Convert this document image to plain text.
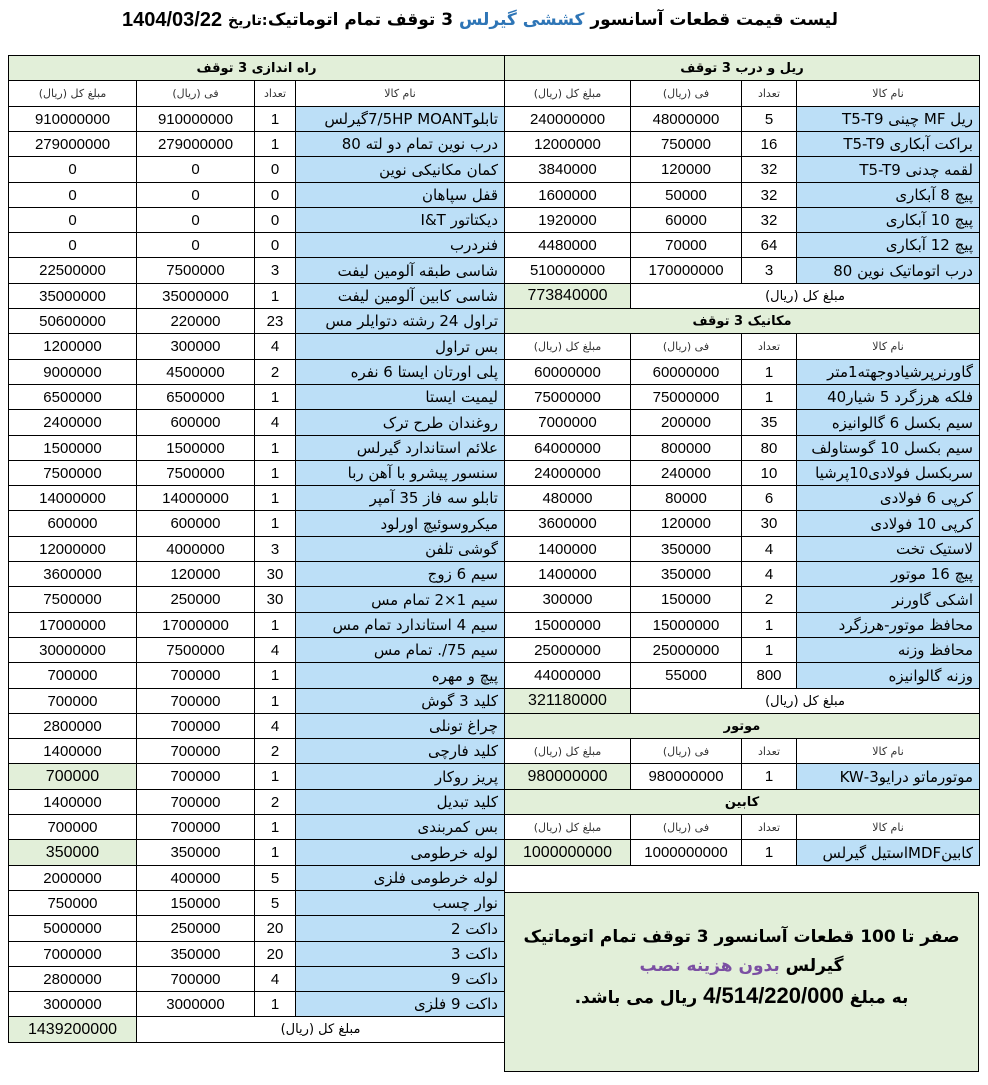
لیست قیمت قطعات آسانسور کششی گیرلس 3 توقف تمام اتوماتیک
تاریخ:
1404/03/22
راه اندازی 3 توقف
مبلغ کل (ریال)	فی (ریال)	تعداد	نام کالا
910000000	910000000	1	تابلو7/5HP MOANTگیرلس
279000000	279000000	1	درب نوین تمام دو لته 80
0	0	0	کمان مکانیکی نوین
0	0	0	قفل سپاهان
0	0	0	دیکتاتور I&T
0	0	0	فنردرب
22500000	7500000	3	شاسی طبقه آلومین لیفت
35000000	35000000	1	شاسی کابین آلومین لیفت
50600000	220000	23	تراول 24 رشته دتوایلر مس
1200000	300000	4	بس تراول
9000000	4500000	2	پلی اورتان ایستا 6 نفره
6500000	6500000	1	لیمیت ایستا
2400000	600000	4	روغندان طرح ترک
1500000	1500000	1	علائم استاندارد گیرلس
7500000	7500000	1	سنسور پیشرو با آهن ربا
14000000	14000000	1	تابلو سه فاز 35 آمپر
600000	600000	1	میکروسوئیچ اورلود
12000000	4000000	3	گوشی تلفن
3600000	120000	30	سیم 6 زوج
7500000	250000	30	سیم 1×2 تمام مس
17000000	17000000	1	سیم 4 استاندارد تمام مس
30000000	7500000	4	سیم 75/. تمام مس
700000	700000	1	پیچ و مهره
700000	700000	1	کلید 3 گوش
2800000	700000	4	چراغ تونلی
1400000	700000	2	کلید فارچی
700000	700000	1	پریز روکار
1400000	700000	2	کلید تبدیل
700000	700000	1	بس کمربندی
350000	350000	1	لوله خرطومی
2000000	400000	5	لوله خرطومی فلزی
750000	150000	5	نوار چسب
5000000	250000	20	داکت 2
7000000	350000	20	داکت 3
2800000	700000	4	داکت 9
3000000	3000000	1	داکت 9 فلزی
1439200000	مبلغ کل (ریال)
ریل و درب 3 توقف
مبلغ کل (ریال)	فی (ریال)	تعداد	نام کالا
240000000	48000000	5	ریل MF چینی T5-T9
12000000	750000	16	براکت آبکاری T5-T9
3840000	120000	32	لقمه چدنی T5-T9
1600000	50000	32	پیچ 8 آبکاری
1920000	60000	32	پیچ 10 آبکاری
4480000	70000	64	پیچ 12 آبکاری
510000000	170000000	3	درب اتوماتیک نوین 80
773840000	مبلغ کل (ریال)
مکانیک 3 توقف
مبلغ کل (ریال)	فی (ریال)	تعداد	نام کالا
60000000	60000000	1	گاورنرپرشیادوجهته1متر
75000000	75000000	1	فلکه هرزگرد 5 شیار40
7000000	200000	35	سیم بکسل 6 گالوانیزه
64000000	800000	80	سیم بکسل 10 گوستاولف
24000000	240000	10	سربکسل فولادی10پرشیا
480000	80000	6	کرپی 6 فولادی
3600000	120000	30	کرپی 10 فولادی
1400000	350000	4	لاستیک تخت
1400000	350000	4	پیچ 16 موتور
300000	150000	2	اشکی گاورنر
15000000	15000000	1	محافظ موتور-هرزگرد
25000000	25000000	1	محافظ وزنه
44000000	55000	800	وزنه گالوانیزه
321180000	مبلغ کل (ریال)
موتور
مبلغ کل (ریال)	فی (ریال)	تعداد	نام کالا
980000000	980000000	1	موتورماتو درایو3-KW
کابین
مبلغ کل (ریال)	فی (ریال)	تعداد	نام کالا
1000000000	1000000000	1	کابینMDFاستیل گیرلس
صفر تا 100 قطعات آسانسور 3 توقف تمام اتوماتیک
گیرلس بدون هزینه نصب
به مبلغ 4/514/220/000 ریال می باشد.
